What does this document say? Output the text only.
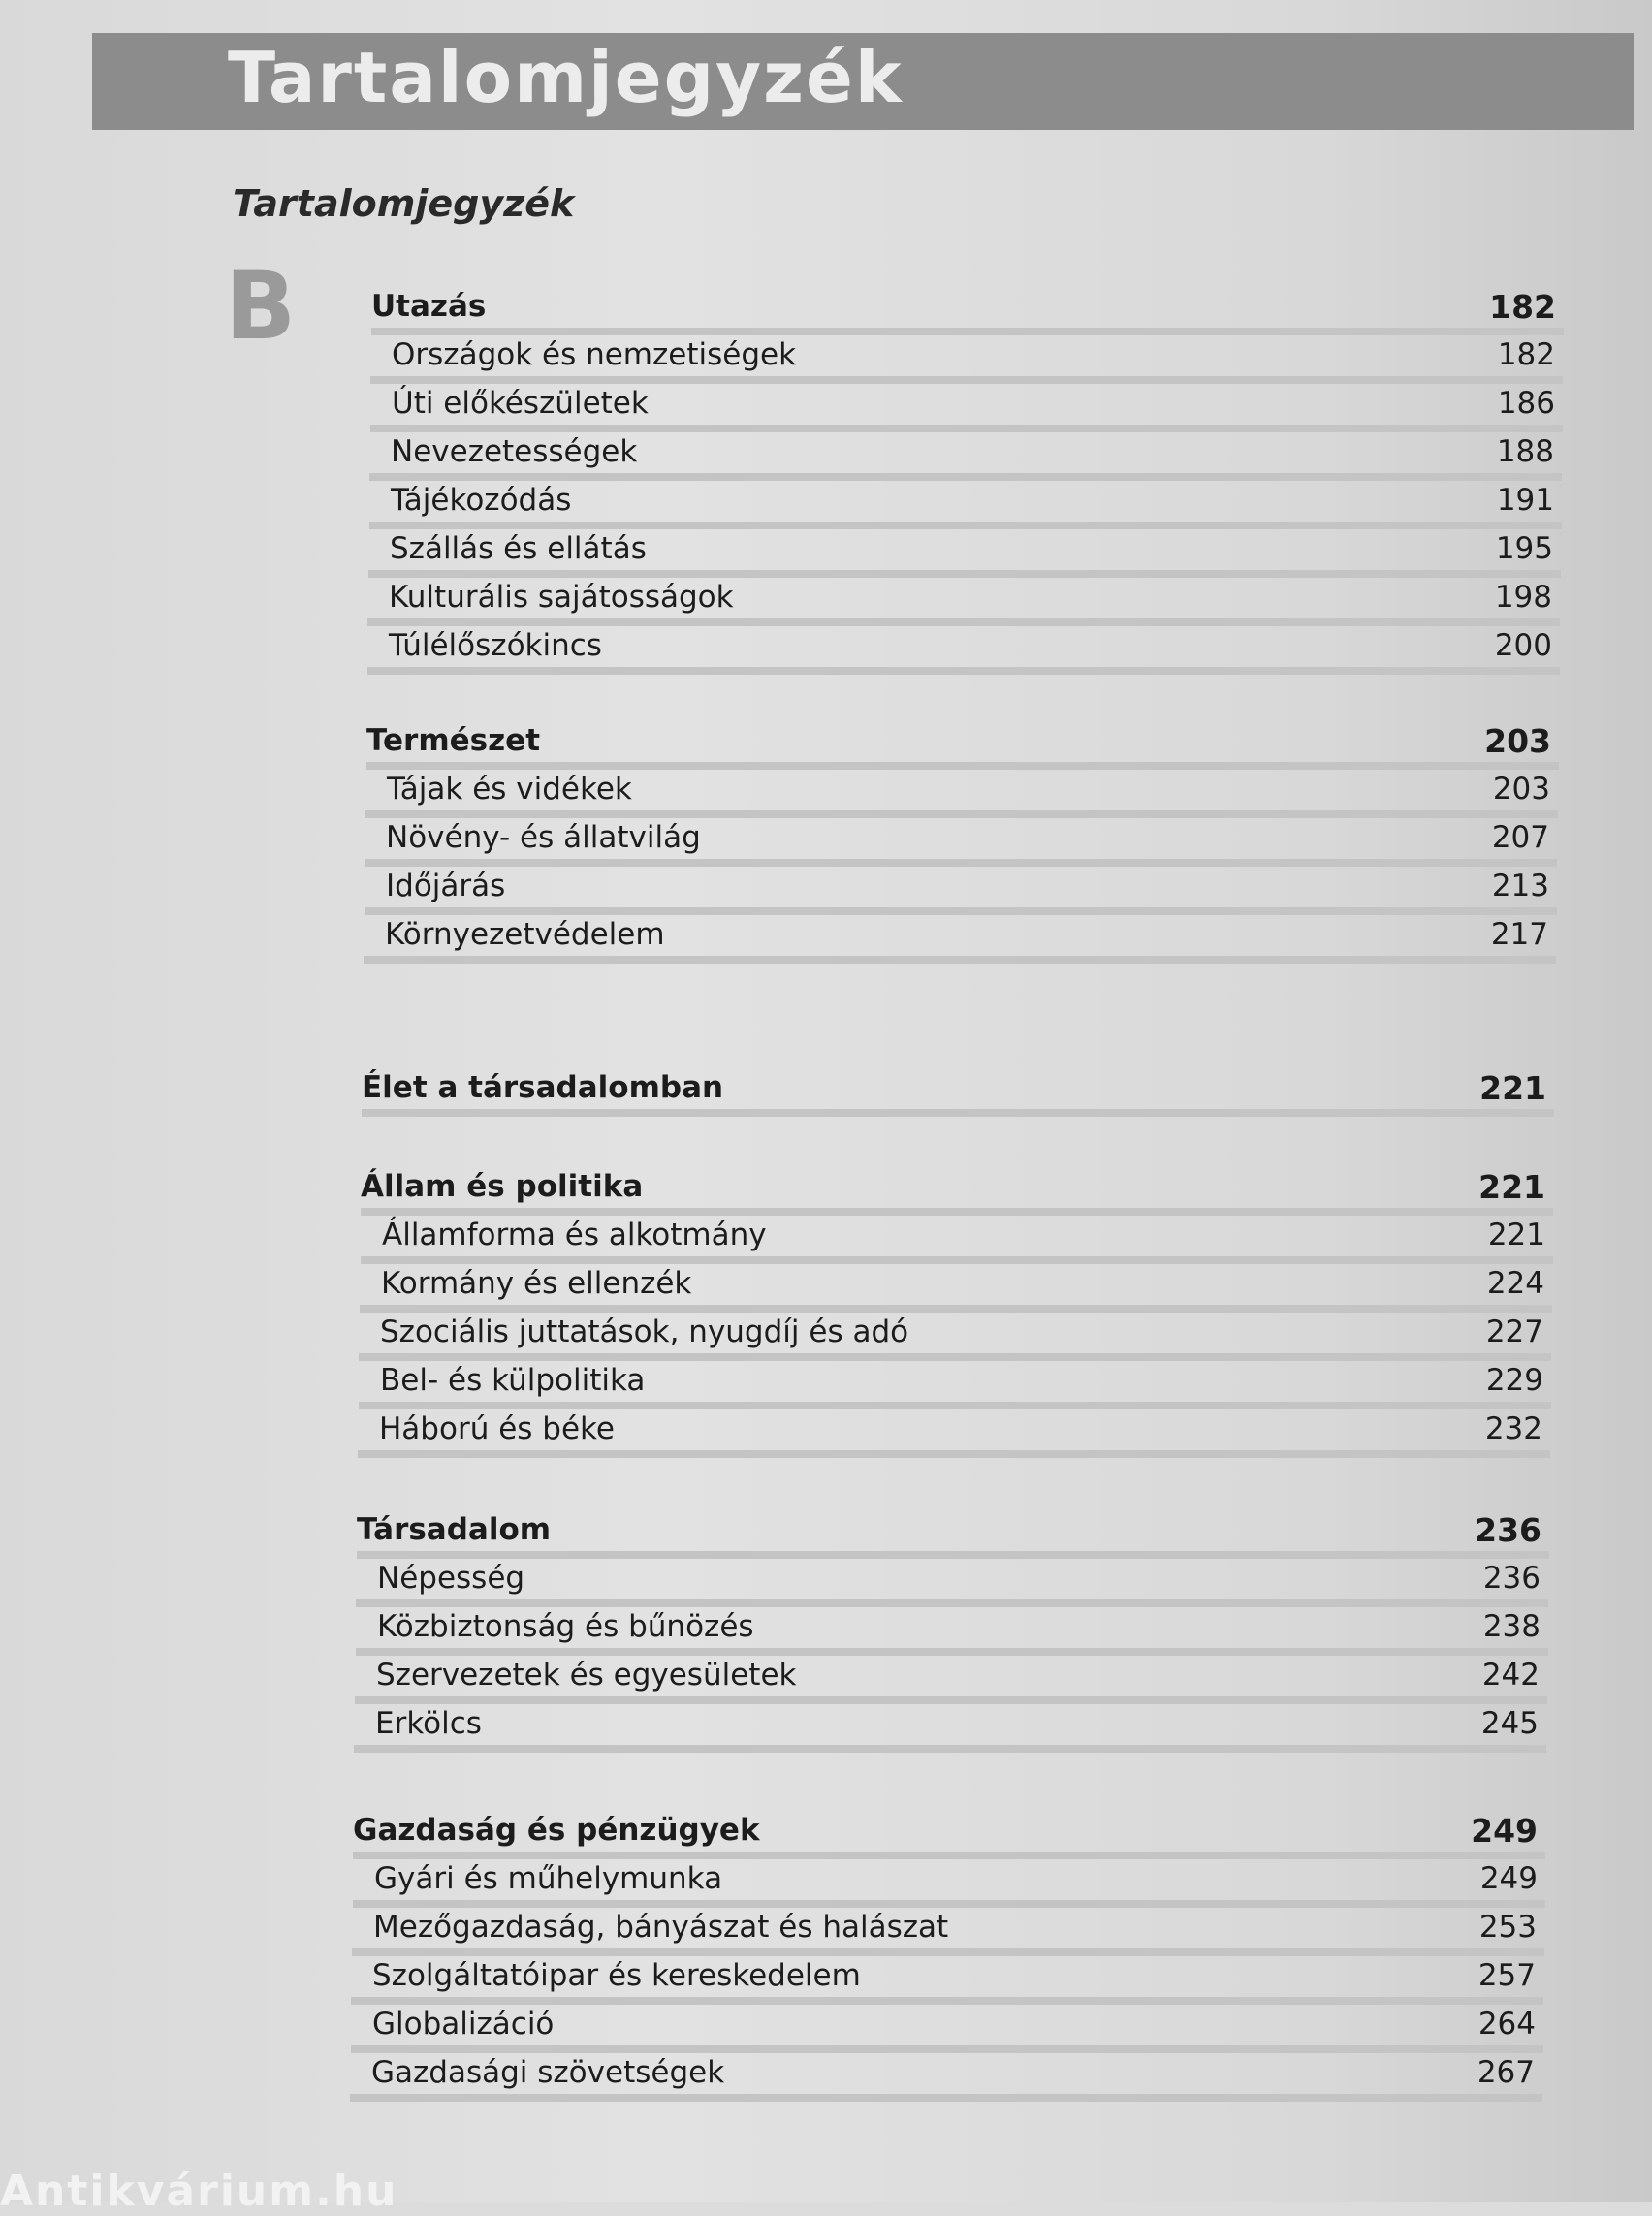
Tartalomjegyzék
Tartalomjegyzék
B	Utazás	182
Országok és nemzetiségek	182
Úti előkészületek	186
Nevezetességek	188
Tájékozódás	191
Szállás és ellátás	195
Kulturális sajátosságok	198
Túlélőszókincs	200
Természet	203
Tájak és vidékek	203
Növény- és állatvilág	207
Időjárás	213
Környezetvédelem	217
Élet a társadalomban	221
Állam és politika	221
Államforma és alkotmány	221
Kormány és ellenzék	224
Szociális juttatások, nyugdíj és adó	227
Bel- és külpolitika	229
Háború és béke	232
Társadalom	236
Népesség	236
Közbiztonság és bűnözés	238
Szervezetek és egyesületek	242
Erkölcs	245
Gazdaság és pénzügyek	249
Gyári és műhelymunka	249
Mezőgazdaság, bányászat és halászat	253
Szolgáltatóipar és kereskedelem	257
Globalizáció	264
Gazdasági szövetségek	267
Antikvárium.hu
